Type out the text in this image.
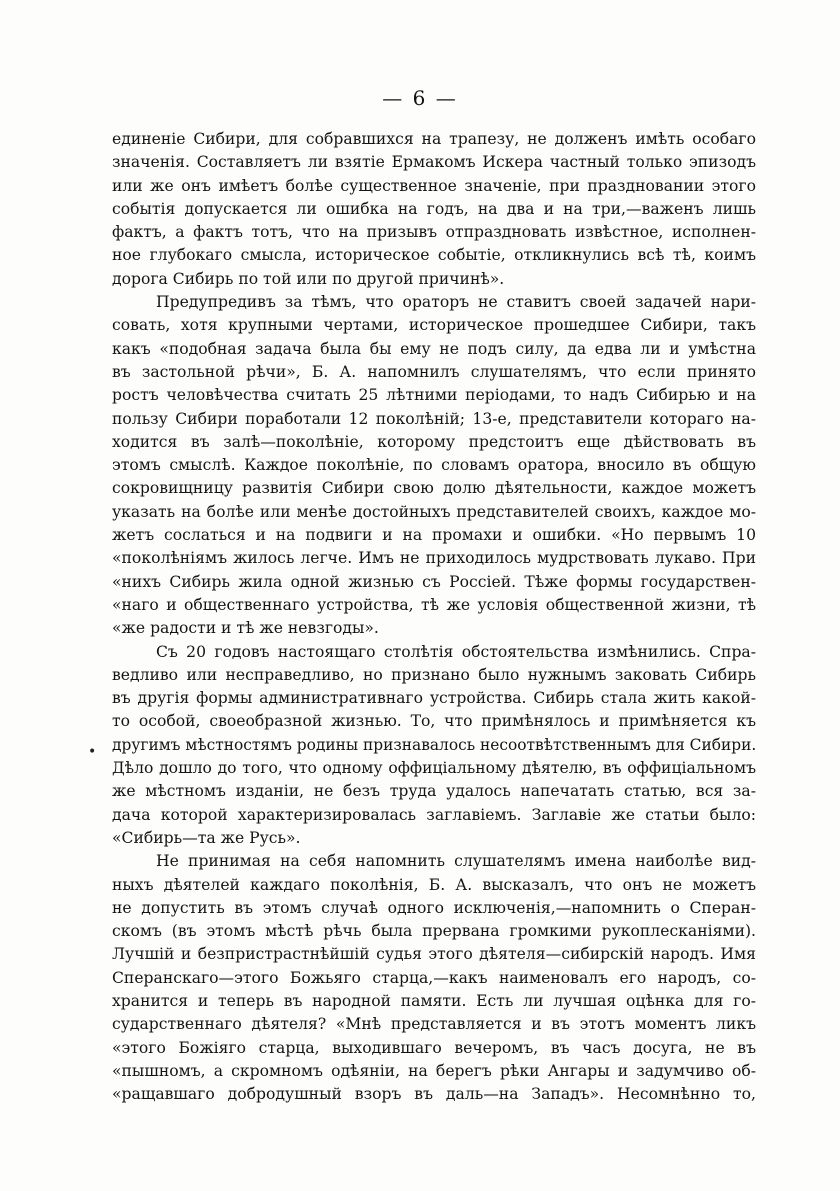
— 6 —
•
единеніе Сибири, для собравшихся на трапезу, не долженъ имѣть особаго
значенія. Составляетъ ли взятіе Ермакомъ Искера частный только эпизодъ
или же онъ имѣетъ болѣе существенное значеніе, при праздновании этого
событія допускается ли ошибка на годъ, на два и на три,—важенъ лишь
фактъ, а фактъ тотъ, что на призывъ отпраздновать извѣстное, исполнен-
ное глубокаго смысла, историческое событіе, откликнулись всѣ тѣ, коимъ
дорога Сибирь по той или по другой причинѣ».
Предупредивъ за тѣмъ, что ораторъ не ставитъ своей задачей нари-
совать, хотя крупными чертами, историческое прошедшее Сибири, такъ
какъ «подобная задача была бы ему не подъ силу, да едва ли и умѣстна
въ застольной рѣчи», Б. А. напомнилъ слушателямъ, что если принято
ростъ человѣчества считать 25 лѣтними періодами, то надъ Сибирью и на
пользу Сибири поработали 12 поколѣній; 13-е, представители котораго на-
ходится въ залѣ—поколѣніе, которому предстоитъ еще дѣйствовать въ
этомъ смыслѣ. Каждое поколѣніе, по словамъ оратора, вносило въ общую
сокровищницу развитія Сибири свою долю дѣятельности, каждое можетъ
указать на болѣе или менѣе достойныхъ представителей своихъ, каждое мо-
жетъ сослаться и на подвиги и на промахи и ошибки. «Но первымъ 10
«поколѣніямъ жилось легче. Имъ не приходилось мудрствовать лукаво. При
«нихъ Сибирь жила одной жизнью съ Россіей. Тѣже формы государствен-
«наго и общественнаго устройства, тѣ же условія общественной жизни, тѣ
«же радости и тѣ же невзгоды».
Съ 20 годовъ настоящаго столѣтія обстоятельства измѣнились. Спра-
ведливо или несправедливо, но признано было нужнымъ заковать Сибирь
въ другія формы административнаго устройства. Сибирь стала жить какой-
то особой, своеобразной жизнью. То, что примѣнялось и примѣняется къ
другимъ мѣстностямъ родины признавалось несоотвѣтственнымъ для Сибири.
Дѣло дошло до того, что одному оффиціальному дѣятелю, въ оффиціальномъ
же мѣстномъ изданіи, не безъ труда удалось напечатать статью, вся за-
дача которой характеризировалась заглавіемъ. Заглавіе же статьи было:
«Сибирь—та же Русь».
Не принимая на себя напомнить слушателямъ имена наиболѣе вид-
ныхъ дѣятелей каждаго поколѣнія, Б. А. высказалъ, что онъ не можетъ
не допустить въ этомъ случаѣ одного исключенія,—напомнить о Сперан-
скомъ (въ этомъ мѣстѣ рѣчь была прервана громкими рукоплесканіями).
Лучшій и безпристрастнѣйшій судья этого дѣятеля—сибирскій народъ. Имя
Сперанскаго—этого Божьяго старца,—какъ наименовалъ его народъ, со-
хранится и теперь въ народной памяти. Есть ли лучшая оцѣнка для го-
сударственнаго дѣятеля? «Мнѣ представляется и въ этотъ моментъ ликъ
«этого Божіяго старца, выходившаго вечеромъ, въ часъ досуга, не въ
«пышномъ, а скромномъ одѣяніи, на берегъ рѣки Ангары и задумчиво об-
«ращавшаго добродушный взоръ въ даль—на Западъ». Несомнѣнно то,
